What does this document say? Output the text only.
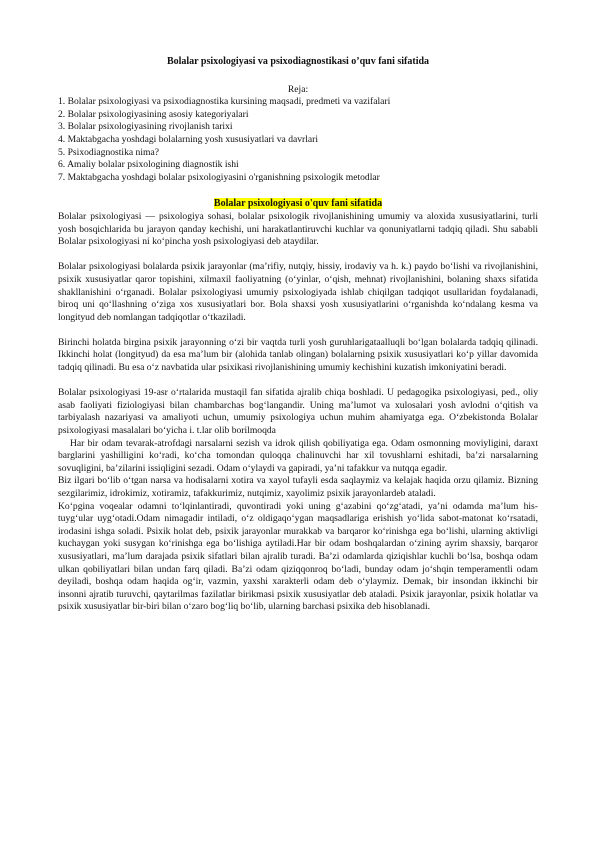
Bolalar psixologiyasi va psixodiagnostikasi o’quv fani sifatida
Reja:
1. Bolalar psixologiyasi va psixodiagnostika kursining maqsadi, predmeti va vazifalari
2. Bolalar psixologiyasining asosiy kategoriyalari
3. Bolalar psixologiyasining rivojlanish tarixi
4. Maktabgacha yoshdagi bolalarning yosh xususiyatlari va davrlari
5. Psixodiagnostika nima?
6. Amaliy bolalar psixologining diagnostik ishi
7. Maktabgacha yoshdagi bolalar psixologiyasini o'rganishning psixologik metodlar
Bolalar psixologiyasi o'quv fani sifatida

Bolalar psixologiyasi — psixologiya sohasi, bolalar psixologik rivojlanishining umumiy va aloxida xususiyatlarini, turli yosh bosqichlarida bu jarayon qanday kechishi, uni harakatlantiruvchi kuchlar va qonuniyatlarni tadqiq qiladi. Shu sababli Bolalar psixologiyasi ni ko‘pincha yosh psixologiyasi deb ataydilar.

Bolalar psixologiyasi bolalarda psixik jarayonlar (ma’rifiy, nutqiy, hissiy, irodaviy va h. k.) paydo bo‘lishi va rivojlanishini, psixik xususiyatlar qaror topishini, xilmaxil faoliyatning (o‘yinlar, o‘qish, mehnat) rivojlanishini, bolaning shaxs sifatida shakllanishini o‘rganadi. Bolalar psixologiyasi umumiy psixologiyada ishlab chiqilgan tadqiqot usullaridan foydalanadi, biroq uni qo‘llashning o‘ziga xos xususiyatlari bor. Bola shaxsi yosh xususiyatlarini o‘rganishda ko‘ndalang kesma va longityud deb nomlangan tadqiqotlar o‘tkaziladi.

Birinchi holatda birgina psixik jarayonning o‘zi bir vaqtda turli yosh guruhlarigataalluqli bo‘lgan bolalarda tadqiq qilinadi. Ikkinchi holat (longityud) da esa ma’lum bir (alohida tanlab olingan) bolalarning psixik xususiyatlari ko‘p yillar davomida tadqiq qilinadi. Bu esa o‘z navbatida ular psixikasi rivojlanishining umumiy kechishini kuzatish imkoniyatini beradi.

Bolalar psixologiyasi 19-asr o‘rtalarida mustaqil fan sifatida ajralib chiqa boshladi. U pedagogika psixologiyasi, ped., oliy asab faoliyati fiziologiyasi bilan chambarchas bog‘langandir. Uning ma’lumot va xulosalari yosh avlodni o‘qitish va tarbiyalash nazariyasi va amaliyoti uchun, umumiy psixologiya uchun muhim ahamiyatga ega. O‘zbekistonda Bolalar psixologiyasi masalalari bo‘yicha i. t.lar olib borilmoqda

Har bir odam tevarak-atrofdagi narsalarni sezish va idrok qilish qobiliyatiga ega. Odam osmonning moviyligini, daraxt barglarini yashilligini ko‘radi, ko‘cha tomondan quloqqa chalinuvchi har xil tovushlarni eshitadi, ba’zi narsalarning sovuqligini, ba’zilarini issiqligini sezadi. Odam o‘ylaydi va gapiradi, ya’ni tafakkur va nutqqa egadir.

Biz ilgari bo‘lib o‘tgan narsa va hodisalarni xotira va xayol tufayli esda saqlaymiz va kelajak haqida orzu qilamiz. Bizning sezgilarimiz, idrokimiz, xotiramiz, tafakkurimiz, nutqimiz, xayolimiz psixik jarayonlardeb ataladi.

Ko‘pgina voqealar odamni to‘lqinlantiradi, quvontiradi yoki uning g‘azabini qo‘zg‘atadi, ya’ni odamda ma’lum his-tuyg‘ular uyg‘otadi.Odam nimagadir intiladi, o‘z oldigaqo‘ygan maqsadlariga erishish yo‘lida sabot-matonat ko‘rsatadi, irodasini ishga soladi. Psixik holat deb, psixik jarayonlar murakkab va barqaror ko‘rinishga ega bo‘lishi, ularning aktivligi kuchaygan yoki susygan ko‘rinishga ega bo‘lishiga aytiladi.Har bir odam boshqalardan o‘zining ayrim shaxsiy, barqaror xususiyatlari, ma’lum darajada psixik sifatlari bilan ajralib turadi. Ba’zi odamlarda qiziqishlar kuchli bo‘lsa, boshqa odam ulkan qobiliyatlari bilan undan farq qiladi. Ba’zi odam qiziqqonroq bo‘ladi, bunday odam jo‘shqin temperamentli odam deyiladi, boshqa odam haqida og‘ir, vazmin, yaxshi xarakterli odam deb o‘ylaymiz. Demak, bir insondan ikkinchi bir insonni ajratib turuvchi, qaytarilmas fazilatlar birikmasi psixik xususiyatlar deb ataladi. Psixik jarayonlar, psixik holatlar va psixik xususiyatlar bir-biri bilan o‘zaro bog‘liq bo‘lib, ularning barchasi psixika deb hisoblanadi.
